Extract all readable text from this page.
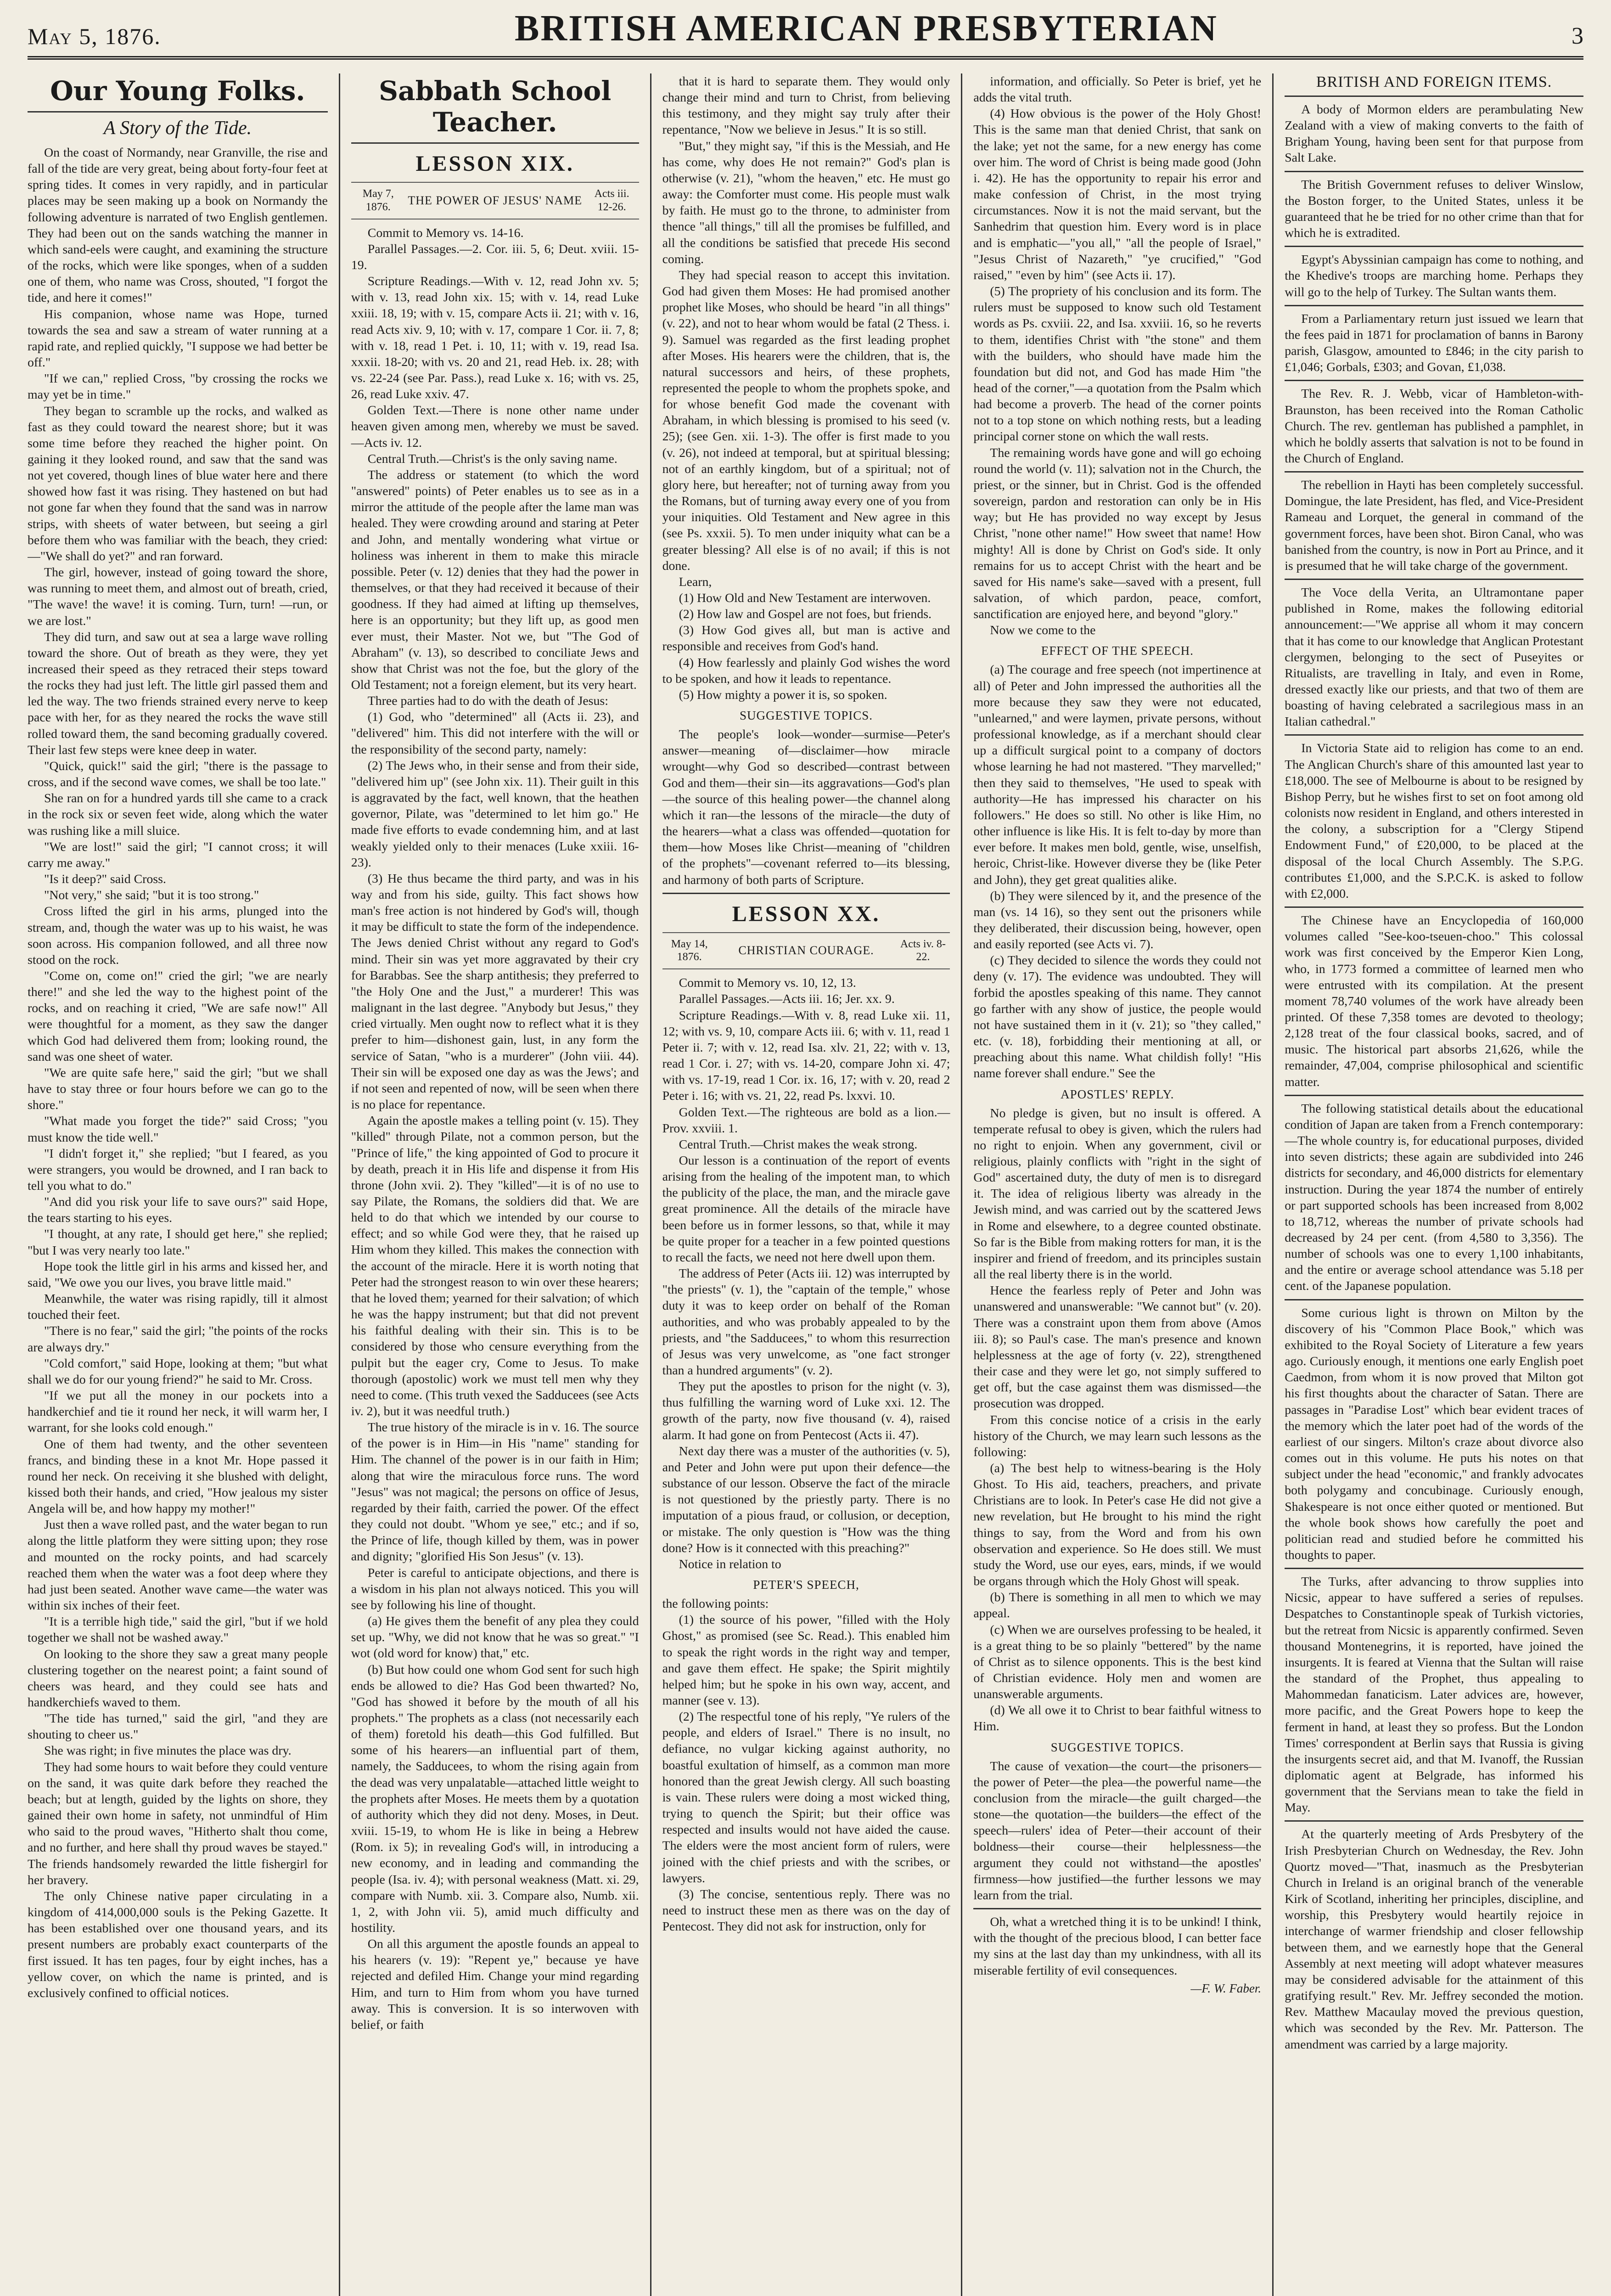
May 5, 1876.	BRITISH AMERICAN PRESBYTERIAN	3
Our Young Folks.
A Story of the Tide.

On the coast of Normandy, near Granville, the rise and fall of the tide are very great, being about forty-four feet at spring tides. It comes in very rapidly, and in particular places may be seen making up a book on Normandy the following adventure is narrated of two English gentlemen. They had been out on the sands watching the manner in which sand-eels were caught, and examining the structure of the rocks, which were like sponges, when of a sudden one of them, who name was Cross, shouted, "I forgot the tide, and here it comes!"

His companion, whose name was Hope, turned towards the sea and saw a stream of water running at a rapid rate, and replied quickly, "I suppose we had better be off."

"If we can," replied Cross, "by crossing the rocks we may yet be in time."

They began to scramble up the rocks, and walked as fast as they could toward the nearest shore; but it was some time before they reached the higher point. On gaining it they looked round, and saw that the sand was not yet covered, though lines of blue water here and there showed how fast it was rising. They hastened on but had not gone far when they found that the sand was in narrow strips, with sheets of water between, but seeing a girl before them who was familiar with the beach, they cried:—"We shall do yet?" and ran forward.

The girl, however, instead of going toward the shore, was running to meet them, and almost out of breath, cried, "The wave! the wave! it is coming. Turn, turn! —run, or we are lost."

They did turn, and saw out at sea a large wave rolling toward the shore. Out of breath as they were, they yet increased their speed as they retraced their steps toward the rocks they had just left. The little girl passed them and led the way. The two friends strained every nerve to keep pace with her, for as they neared the rocks the wave still rolled toward them, the sand becoming gradually covered. Their last few steps were knee deep in water.

"Quick, quick!" said the girl; "there is the passage to cross, and if the second wave comes, we shall be too late."

She ran on for a hundred yards till she came to a crack in the rock six or seven feet wide, along which the water was rushing like a mill sluice.

"We are lost!" said the girl; "I cannot cross; it will carry me away."

"Is it deep?" said Cross.

"Not very," she said; "but it is too strong."

Cross lifted the girl in his arms, plunged into the stream, and, though the water was up to his waist, he was soon across. His companion followed, and all three now stood on the rock.

"Come on, come on!" cried the girl; "we are nearly there!" and she led the way to the highest point of the rocks, and on reaching it cried, "We are safe now!" All were thoughtful for a moment, as they saw the danger which God had delivered them from; looking round, the sand was one sheet of water.

"We are quite safe here," said the girl; "but we shall have to stay three or four hours before we can go to the shore."

"What made you forget the tide?" said Cross; "you must know the tide well."

"I didn't forget it," she replied; "but I feared, as you were strangers, you would be drowned, and I ran back to tell you what to do."

"And did you risk your life to save ours?" said Hope, the tears starting to his eyes.

"I thought, at any rate, I should get here," she replied; "but I was very nearly too late."

Hope took the little girl in his arms and kissed her, and said, "We owe you our lives, you brave little maid."

Meanwhile, the water was rising rapidly, till it almost touched their feet.

"There is no fear," said the girl; "the points of the rocks are always dry."

"Cold comfort," said Hope, looking at them; "but what shall we do for our young friend?" he said to Mr. Cross.

"If we put all the money in our pockets into a handkerchief and tie it round her neck, it will warm her, I warrant, for she looks cold enough."

One of them had twenty, and the other seventeen francs, and binding these in a knot Mr. Hope passed it round her neck. On receiving it she blushed with delight, kissed both their hands, and cried, "How jealous my sister Angela will be, and how happy my mother!"

Just then a wave rolled past, and the water began to run along the little platform they were sitting upon; they rose and mounted on the rocky points, and had scarcely reached them when the water was a foot deep where they had just been seated. Another wave came—the water was within six inches of their feet.

"It is a terrible high tide," said the girl, "but if we hold together we shall not be washed away."

On looking to the shore they saw a great many people clustering together on the nearest point; a faint sound of cheers was heard, and they could see hats and handkerchiefs waved to them.

"The tide has turned," said the girl, "and they are shouting to cheer us."

She was right; in five minutes the place was dry.

They had some hours to wait before they could venture on the sand, it was quite dark before they reached the beach; but at length, guided by the lights on shore, they gained their own home in safety, not unmindful of Him who said to the proud waves, "Hitherto shalt thou come, and no further, and here shall thy proud waves be stayed." The friends handsomely rewarded the little fishergirl for her bravery.

The only Chinese native paper circulating in a kingdom of 414,000,000 souls is the Peking Gazette. It has been established over one thousand years, and its present numbers are probably exact counterparts of the first issued. It has ten pages, four by eight inches, has a yellow cover, on which the name is printed, and is exclusively confined to official notices.

Sabbath School Teacher.
LESSON XIX.
May 7, 1876.	THE POWER OF JESUS' NAME	Acts iii. 12-26.

Commit to Memory vs. 14-16.

Parallel Passages.—2. Cor. iii. 5, 6; Deut. xviii. 15-19.

Scripture Readings.—With v. 12, read John xv. 5; with v. 13, read John xix. 15; with v. 14, read Luke xxiii. 18, 19; with v. 15, compare Acts ii. 21; with v. 16, read Acts xiv. 9, 10; with v. 17, compare 1 Cor. ii. 7, 8; with v. 18, read 1 Pet. i. 10, 11; with v. 19, read Isa. xxxii. 18-20; with vs. 20 and 21, read Heb. ix. 28; with vs. 22-24 (see Par. Pass.), read Luke x. 16; with vs. 25, 26, read Luke xxiv. 47.

Golden Text.—There is none other name under heaven given among men, whereby we must be saved.—Acts iv. 12.

Central Truth.—Christ's is the only saving name.

The address or statement (to which the word "answered" points) of Peter enables us to see as in a mirror the attitude of the people after the lame man was healed. They were crowding around and staring at Peter and John, and mentally wondering what virtue or holiness was inherent in them to make this miracle possible. Peter (v. 12) denies that they had the power in themselves, or that they had received it because of their goodness. If they had aimed at lifting up themselves, here is an opportunity; but they lift up, as good men ever must, their Master. Not we, but "The God of Abraham" (v. 13), so described to conciliate Jews and show that Christ was not the foe, but the glory of the Old Testament; not a foreign element, but its very heart.

Three parties had to do with the death of Jesus:

(1) God, who "determined" all (Acts ii. 23), and "delivered" him. This did not interfere with the will or the responsibility of the second party, namely:

(2) The Jews who, in their sense and from their side, "delivered him up" (see John xix. 11). Their guilt in this is aggravated by the fact, well known, that the heathen governor, Pilate, was "determined to let him go." He made five efforts to evade condemning him, and at last weakly yielded only to their menaces (Luke xxiii. 16-23).

(3) He thus became the third party, and was in his way and from his side, guilty. This fact shows how man's free action is not hindered by God's will, though it may be difficult to state the form of the independence. The Jews denied Christ without any regard to God's mind. Their sin was yet more aggravated by their cry for Barabbas. See the sharp antithesis; they preferred to "the Holy One and the Just," a murderer! This was malignant in the last degree. "Anybody but Jesus," they cried virtually. Men ought now to reflect what it is they prefer to him—dishonest gain, lust, in any form the service of Satan, "who is a murderer" (John viii. 44). Their sin will be exposed one day as was the Jews'; and if not seen and repented of now, will be seen when there is no place for repentance.

Again the apostle makes a telling point (v. 15). They "killed" through Pilate, not a common person, but the "Prince of life," the king appointed of God to procure it by death, preach it in His life and dispense it from His throne (John xvii. 2). They "killed"—it is of no use to say Pilate, the Romans, the soldiers did that. We are held to do that which we intended by our course to effect; and so while God were they, that he raised up Him whom they killed. This makes the connection with the account of the miracle. Here it is worth noting that Peter had the strongest reason to win over these hearers; that he loved them; yearned for their salvation; of which he was the happy instrument; but that did not prevent his faithful dealing with their sin. This is to be considered by those who censure everything from the pulpit but the eager cry, Come to Jesus. To make thorough (apostolic) work we must tell men why they need to come. (This truth vexed the Sadducees (see Acts iv. 2), but it was needful truth.)

The true history of the miracle is in v. 16. The source of the power is in Him—in His "name" standing for Him. The channel of the power is in our faith in Him; along that wire the miraculous force runs. The word "Jesus" was not magical; the persons on office of Jesus, regarded by their faith, carried the power. Of the effect they could not doubt. "Whom ye see," etc.; and if so, the Prince of life, though killed by them, was in power and dignity; "glorified His Son Jesus" (v. 13).

Peter is careful to anticipate objections, and there is a wisdom in his plan not always noticed. This you will see by following his line of thought.

(a) He gives them the benefit of any plea they could set up. "Why, we did not know that he was so great." "I wot (old word for know) that," etc.

(b) But how could one whom God sent for such high ends be allowed to die? Has God been thwarted? No, "God has showed it before by the mouth of all his prophets." The prophets as a class (not necessarily each of them) foretold his death—this God fulfilled. But some of his hearers—an influential part of them, namely, the Sadducees, to whom the rising again from the dead was very unpalatable—attached little weight to the prophets after Moses. He meets them by a quotation of authority which they did not deny. Moses, in Deut. xviii. 15-19, to whom He is like in being a Hebrew (Rom. ix 5); in revealing God's will, in introducing a new economy, and in leading and commanding the people (Isa. iv. 4); with personal weakness (Matt. xi. 29, compare with Numb. xii. 3. Compare also, Numb. xii. 1, 2, with John vii. 5), amid much difficulty and hostility.

On all this argument the apostle founds an appeal to his hearers (v. 19): "Repent ye," because ye have rejected and defiled Him. Change your mind regarding Him, and turn to Him from whom you have turned away. This is conversion. It is so interwoven with belief, or faith

that it is hard to separate them. They would only change their mind and turn to Christ, from believing this testimony, and they might say truly after their repentance, "Now we believe in Jesus." It is so still.

"But," they might say, "if this is the Messiah, and He has come, why does He not remain?" God's plan is otherwise (v. 21), "whom the heaven," etc. He must go away: the Comforter must come. His people must walk by faith. He must go to the throne, to administer from thence "all things," till all the promises be fulfilled, and all the conditions be satisfied that precede His second coming.

They had special reason to accept this invitation. God had given them Moses: He had promised another prophet like Moses, who should be heard "in all things" (v. 22), and not to hear whom would be fatal (2 Thess. i. 9). Samuel was regarded as the first leading prophet after Moses. His hearers were the children, that is, the natural successors and heirs, of these prophets, represented the people to whom the prophets spoke, and for whose benefit God made the covenant with Abraham, in which blessing is promised to his seed (v. 25); (see Gen. xii. 1-3). The offer is first made to you (v. 26), not indeed at temporal, but at spiritual blessing; not of an earthly kingdom, but of a spiritual; not of glory here, but hereafter; not of turning away from you the Romans, but of turning away every one of you from your iniquities. Old Testament and New agree in this (see Ps. xxxii. 5). To men under iniquity what can be a greater blessing? All else is of no avail; if this is not done.

Learn,

(1) How Old and New Testament are interwoven.

(2) How law and Gospel are not foes, but friends.

(3) How God gives all, but man is active and responsible and receives from God's hand.

(4) How fearlessly and plainly God wishes the word to be spoken, and how it leads to repentance.

(5) How mighty a power it is, so spoken.

SUGGESTIVE TOPICS.

The people's look—wonder—surmise—Peter's answer—meaning of—disclaimer—how miracle wrought—why God so described—contrast between God and them—their sin—its aggravations—God's plan—the source of this healing power—the channel along which it ran—the lessons of the miracle—the duty of the hearers—what a class was offended—quotation for them—how Moses like Christ—meaning of "children of the prophets"—covenant referred to—its blessing, and harmony of both parts of Scripture.

LESSON XX.
May 14, 1876.	CHRISTIAN COURAGE. Acts iv. 8-22.

Commit to Memory vs. 10, 12, 13.

Parallel Passages.—Acts iii. 16; Jer. xx. 9.

Scripture Readings.—With v. 8, read Luke xii. 11, 12; with vs. 9, 10, compare Acts iii. 6; with v. 11, read 1 Peter ii. 7; with v. 12, read Isa. xlv. 21, 22; with v. 13, read 1 Cor. i. 27; with vs. 14-20, compare John xi. 47; with vs. 17-19, read 1 Cor. ix. 16, 17; with v. 20, read 2 Peter i. 16; with vs. 21, 22, read Ps. lxxvi. 10.

Golden Text.—The righteous are bold as a lion.—Prov. xxviii. 1.

Central Truth.—Christ makes the weak strong.

Our lesson is a continuation of the report of events arising from the healing of the impotent man, to which the publicity of the place, the man, and the miracle gave great prominence. All the details of the miracle have been before us in former lessons, so that, while it may be quite proper for a teacher in a few pointed questions to recall the facts, we need not here dwell upon them.

The address of Peter (Acts iii. 12) was interrupted by "the priests" (v. 1), the "captain of the temple," whose duty it was to keep order on behalf of the Roman authorities, and who was probably appealed to by the priests, and "the Sadducees," to whom this resurrection of Jesus was very unwelcome, as "one fact stronger than a hundred arguments" (v. 2).

They put the apostles to prison for the night (v. 3), thus fulfilling the warning word of Luke xxi. 12. The growth of the party, now five thousand (v. 4), raised alarm. It had gone on from Pentecost (Acts ii. 47).

Next day there was a muster of the authorities (v. 5), and Peter and John were put upon their defence—the substance of our lesson. Observe the fact of the miracle is not questioned by the priestly party. There is no imputation of a pious fraud, or collusion, or deception, or mistake. The only question is "How was the thing done? How is it connected with this preaching?"

Notice in relation to

PETER'S SPEECH,

the following points:

(1) the source of his power, "filled with the Holy Ghost," as promised (see Sc. Read.). This enabled him to speak the right words in the right way and temper, and gave them effect. He spake; the Spirit mightily helped him; but he spoke in his own way, accent, and manner (see v. 13).

(2) The respectful tone of his reply, "Ye rulers of the people, and elders of Israel." There is no insult, no defiance, no vulgar kicking against authority, no boastful exultation of himself, as a common man more honored than the great Jewish clergy. All such boasting is vain. These rulers were doing a most wicked thing, trying to quench the Spirit; but their office was respected and insults would not have aided the cause. The elders were the most ancient form of rulers, were joined with the chief priests and with the scribes, or lawyers.

(3) The concise, sententious reply. There was no need to instruct these men as there was on the day of Pentecost. They did not ask for instruction, only for

information, and officially. So Peter is brief, yet he adds the vital truth.

(4) How obvious is the power of the Holy Ghost! This is the same man that denied Christ, that sank on the lake; yet not the same, for a new energy has come over him. The word of Christ is being made good (John i. 42). He has the opportunity to repair his error and make confession of Christ, in the most trying circumstances. Now it is not the maid servant, but the Sanhedrim that question him. Every word is in place and is emphatic—"you all," "all the people of Israel," "Jesus Christ of Nazareth," "ye crucified," "God raised," "even by him" (see Acts ii. 17).

(5) The propriety of his conclusion and its form. The rulers must be supposed to know such old Testament words as Ps. cxviii. 22, and Isa. xxviii. 16, so he reverts to them, identifies Christ with "the stone" and them with the builders, who should have made him the foundation but did not, and God has made Him "the head of the corner,"—a quotation from the Psalm which had become a proverb. The head of the corner points not to a top stone on which nothing rests, but a leading principal corner stone on which the wall rests.

The remaining words have gone and will go echoing round the world (v. 11); salvation not in the Church, the priest, or the sinner, but in Christ. God is the offended sovereign, pardon and restoration can only be in His way; but He has provided no way except by Jesus Christ, "none other name!" How sweet that name! How mighty! All is done by Christ on God's side. It only remains for us to accept Christ with the heart and be saved for His name's sake—saved with a present, full salvation, of which pardon, peace, comfort, sanctification are enjoyed here, and beyond "glory."

Now we come to the

EFFECT OF THE SPEECH.

(a) The courage and free speech (not impertinence at all) of Peter and John impressed the authorities all the more because they saw they were not educated, "unlearned," and were laymen, private persons, without professional knowledge, as if a merchant should clear up a difficult surgical point to a company of doctors whose learning he had not mastered. "They marvelled;" then they said to themselves, "He used to speak with authority—He has impressed his character on his followers." He does so still. No other is like Him, no other influence is like His. It is felt to-day by more than ever before. It makes men bold, gentle, wise, unselfish, heroic, Christ-like. However diverse they be (like Peter and John), they get great qualities alike.

(b) They were silenced by it, and the presence of the man (vs. 14 16), so they sent out the prisoners while they deliberated, their discussion being, however, open and easily reported (see Acts vi. 7).

(c) They decided to silence the words they could not deny (v. 17). The evidence was undoubted. They will forbid the apostles speaking of this name. They cannot go farther with any show of justice, the people would not have sustained them in it (v. 21); so "they called," etc. (v. 18), forbidding their mentioning at all, or preaching about this name. What childish folly! "His name forever shall endure." See the

APOSTLES' REPLY.

No pledge is given, but no insult is offered. A temperate refusal to obey is given, which the rulers had no right to enjoin. When any government, civil or religious, plainly conflicts with "right in the sight of God" ascertained duty, the duty of men is to disregard it. The idea of religious liberty was already in the Jewish mind, and was carried out by the scattered Jews in Rome and elsewhere, to a degree counted obstinate. So far is the Bible from making rotters for man, it is the inspirer and friend of freedom, and its principles sustain all the real liberty there is in the world.

Hence the fearless reply of Peter and John was unanswered and unanswerable: "We cannot but" (v. 20). There was a constraint upon them from above (Amos iii. 8); so Paul's case. The man's presence and known helplessness at the age of forty (v. 22), strengthened their case and they were let go, not simply suffered to get off, but the case against them was dismissed—the prosecution was dropped.

From this concise notice of a crisis in the early history of the Church, we may learn such lessons as the following:

(a) The best help to witness-bearing is the Holy Ghost. To His aid, teachers, preachers, and private Christians are to look. In Peter's case He did not give a new revelation, but He brought to his mind the right things to say, from the Word and from his own observation and experience. So He does still. We must study the Word, use our eyes, ears, minds, if we would be organs through which the Holy Ghost will speak.

(b) There is something in all men to which we may appeal.

(c) When we are ourselves professing to be healed, it is a great thing to be so plainly "bettered" by the name of Christ as to silence opponents. This is the best kind of Christian evidence. Holy men and women are unanswerable arguments.

(d) We all owe it to Christ to bear faithful witness to Him.

SUGGESTIVE TOPICS.

The cause of vexation—the court—the prisoners—the power of Peter—the plea—the powerful name—the conclusion from the miracle—the guilt charged—the stone—the quotation—the builders—the effect of the speech—rulers' idea of Peter—their account of their boldness—their course—their helplessness—the argument they could not withstand—the apostles' firmness—how justified—the further lessons we may learn from the trial.

Oh, what a wretched thing it is to be unkind! I think, with the thought of the precious blood, I can better face my sins at the last day than my unkindness, with all its miserable fertility of evil consequences.

—F. W. Faber.
BRITISH AND FOREIGN ITEMS.

A body of Mormon elders are perambulating New Zealand with a view of making converts to the faith of Brigham Young, having been sent for that purpose from Salt Lake.

The British Government refuses to deliver Winslow, the Boston forger, to the United States, unless it be guaranteed that he be tried for no other crime than that for which he is extradited.

Egypt's Abyssinian campaign has come to nothing, and the Khedive's troops are marching home. Perhaps they will go to the help of Turkey. The Sultan wants them.

From a Parliamentary return just issued we learn that the fees paid in 1871 for proclamation of banns in Barony parish, Glasgow, amounted to £846; in the city parish to £1,046; Gorbals, £303; and Govan, £1,038.

The Rev. R. J. Webb, vicar of Hambleton-with-Braunston, has been received into the Roman Catholic Church. The rev. gentleman has published a pamphlet, in which he boldly asserts that salvation is not to be found in the Church of England.

The rebellion in Hayti has been completely successful. Domingue, the late President, has fled, and Vice-President Rameau and Lorquet, the general in command of the government forces, have been shot. Biron Canal, who was banished from the country, is now in Port au Prince, and it is presumed that he will take charge of the government.

The Voce della Verita, an Ultramontane paper published in Rome, makes the following editorial announcement:—"We apprise all whom it may concern that it has come to our knowledge that Anglican Protestant clergymen, belonging to the sect of Puseyites or Ritualists, are travelling in Italy, and even in Rome, dressed exactly like our priests, and that two of them are boasting of having celebrated a sacrilegious mass in an Italian cathedral."

In Victoria State aid to religion has come to an end. The Anglican Church's share of this amounted last year to £18,000. The see of Melbourne is about to be resigned by Bishop Perry, but he wishes first to set on foot among old colonists now resident in England, and others interested in the colony, a subscription for a "Clergy Stipend Endowment Fund," of £20,000, to be placed at the disposal of the local Church Assembly. The S.P.G. contributes £1,000, and the S.P.C.K. is asked to follow with £2,000.

The Chinese have an Encyclopedia of 160,000 volumes called "See-koo-tseuen-choo." This colossal work was first conceived by the Emperor Kien Long, who, in 1773 formed a committee of learned men who were entrusted with its compilation. At the present moment 78,740 volumes of the work have already been printed. Of these 7,358 tomes are devoted to theology; 2,128 treat of the four classical books, sacred, and of music. The historical part absorbs 21,626, while the remainder, 47,004, comprise philosophical and scientific matter.

The following statistical details about the educational condition of Japan are taken from a French contemporary:—The whole country is, for educational purposes, divided into seven districts; these again are subdivided into 246 districts for secondary, and 46,000 districts for elementary instruction. During the year 1874 the number of entirely or part supported schools has been increased from 8,002 to 18,712, whereas the number of private schools had decreased by 24 per cent. (from 4,580 to 3,356). The number of schools was one to every 1,100 inhabitants, and the entire or average school attendance was 5.18 per cent. of the Japanese population.

Some curious light is thrown on Milton by the discovery of his "Common Place Book," which was exhibited to the Royal Society of Literature a few years ago. Curiously enough, it mentions one early English poet Caedmon, from whom it is now proved that Milton got his first thoughts about the character of Satan. There are passages in "Paradise Lost" which bear evident traces of the memory which the later poet had of the words of the earliest of our singers. Milton's craze about divorce also comes out in this volume. He puts his notes on that subject under the head "economic," and frankly advocates both polygamy and concubinage. Curiously enough, Shakespeare is not once either quoted or mentioned. But the whole book shows how carefully the poet and politician read and studied before he committed his thoughts to paper.

The Turks, after advancing to throw supplies into Nicsic, appear to have suffered a series of repulses. Despatches to Constantinople speak of Turkish victories, but the retreat from Nicsic is apparently confirmed. Seven thousand Montenegrins, it is reported, have joined the insurgents. It is feared at Vienna that the Sultan will raise the standard of the Prophet, thus appealing to Mahommedan fanaticism. Later advices are, however, more pacific, and the Great Powers hope to keep the ferment in hand, at least they so profess. But the London Times' correspondent at Berlin says that Russia is giving the insurgents secret aid, and that M. Ivanoff, the Russian diplomatic agent at Belgrade, has informed his government that the Servians mean to take the field in May.

At the quarterly meeting of Ards Presbytery of the Irish Presbyterian Church on Wednesday, the Rev. John Quortz moved—"That, inasmuch as the Presbyterian Church in Ireland is an original branch of the venerable Kirk of Scotland, inheriting her principles, discipline, and worship, this Presbytery would heartily rejoice in interchange of warmer friendship and closer fellowship between them, and we earnestly hope that the General Assembly at next meeting will adopt whatever measures may be considered advisable for the attainment of this gratifying result." Rev. Mr. Jeffrey seconded the motion. Rev. Matthew Macaulay moved the previous question, which was seconded by the Rev. Mr. Patterson. The amendment was carried by a large majority.
